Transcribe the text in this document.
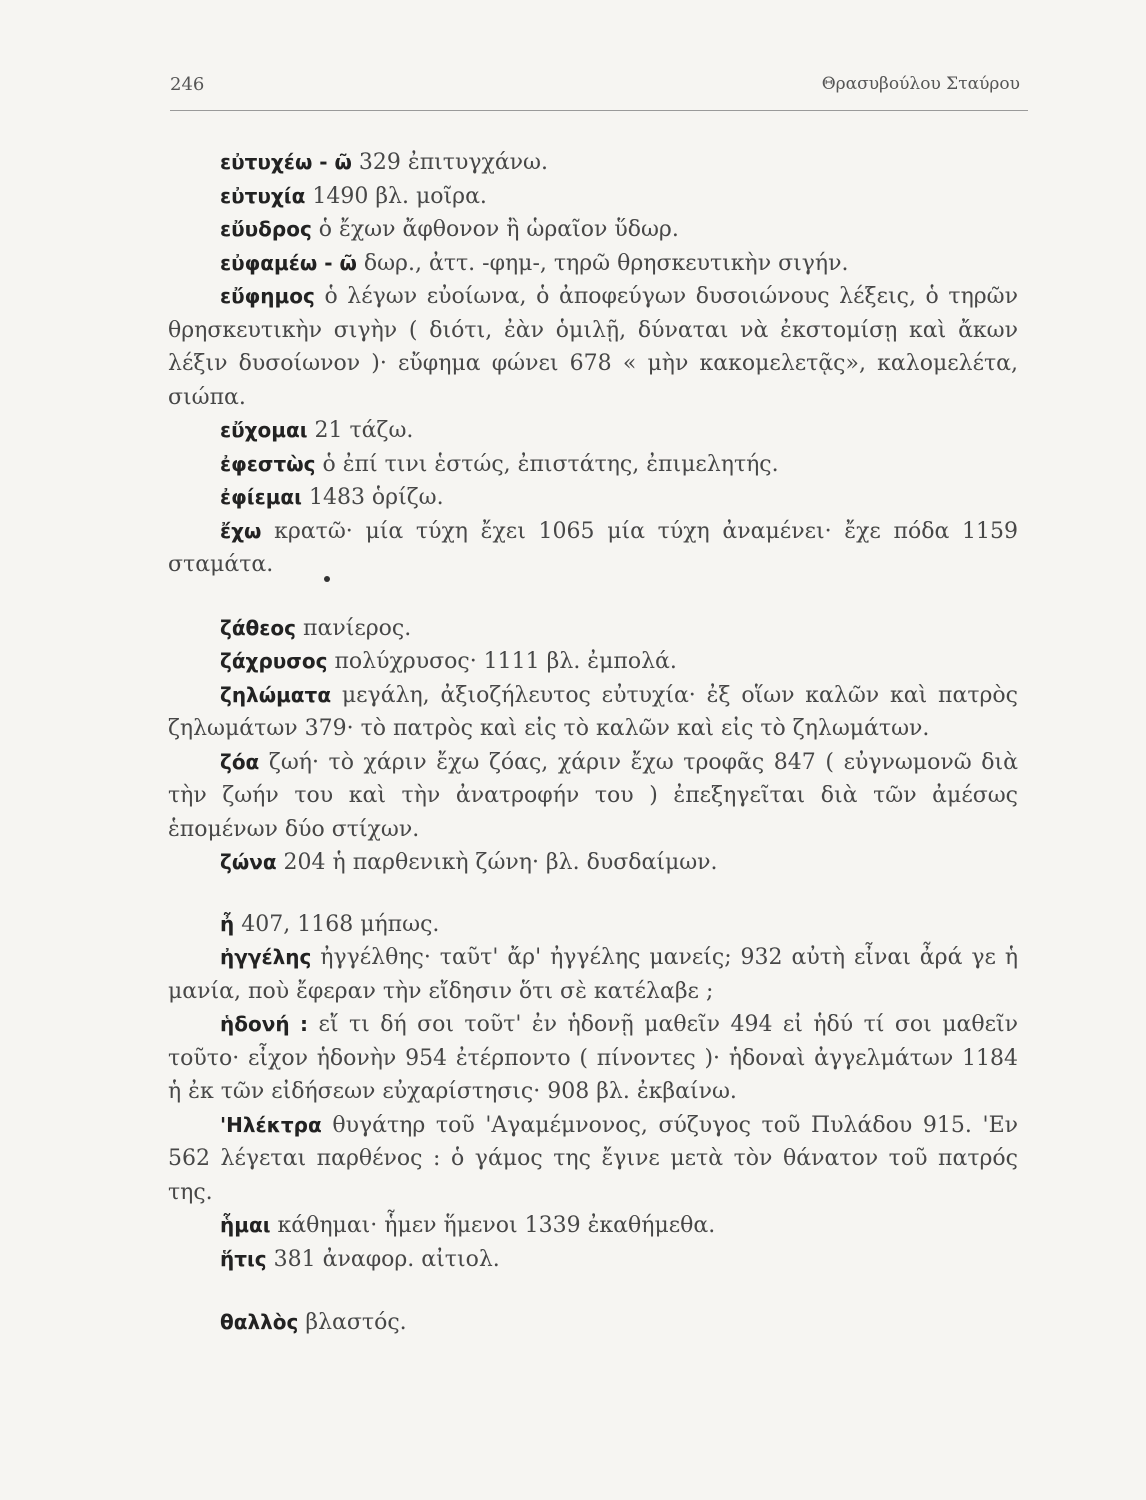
246	Θρασυβούλου Σταύρου

εὐτυχέω - ῶ 329 ἐπιτυγχάνω.

εὐτυχία 1490 βλ. μοῖρα.

εὔυδρος ὁ ἔχων ἄφθονον ἢ ὡραῖον ὕδωρ.

εὐφαμέω - ῶ δωρ., ἀττ. -φημ-, τηρῶ θρησκευτικὴν σιγήν.

εὔφημος ὁ λέγων εὐοίωνα, ὁ ἀποφεύγων δυσοιώνους λέξεις, ὁ τηρῶν θρησκευτικὴν σιγὴν ( διότι, ἐὰν ὁμιλῇ, δύναται νὰ ἐκστομίσῃ καὶ ἄκων λέξιν δυσοίωνον )· εὔφημα φώνει 678 « μὴν κακομελετᾷς», καλομελέτα, σιώπα.

εὔχομαι 21 τάζω.

ἐφεστὼς ὁ ἐπί τινι ἑστώς, ἐπιστάτης, ἐπιμελητής.

ἐφίεμαι 1483 ὁρίζω.

ἔχω κρατῶ· μία τύχη ἔχει 1065 μία τύχη ἀναμένει· ἔχε πόδα 1159 σταμάτα.

ζάθεος πανίερος.

ζάχρυσος πολύχρυσος· 1111 βλ. ἐμπολά.

ζηλώματα μεγάλη, ἀξιοζήλευτος εὐτυχία· ἐξ οἵων καλῶν καὶ πατρὸς ζηλωμάτων 379· τὸ πατρὸς καὶ εἰς τὸ καλῶν καὶ εἰς τὸ ζηλωμάτων.

ζόα ζωή· τὸ χάριν ἔχω ζόας, χάριν ἔχω τροφᾶς 847 ( εὐγνωμονῶ διὰ τὴν ζωήν του καὶ τὴν ἀνατροφήν του ) ἐπεξηγεῖται διὰ τῶν ἀμέσως ἑπομένων δύο στίχων.

ζώνα 204 ἡ παρθενικὴ ζώνη· βλ. δυσδαίμων.

ἦ 407, 1168 μήπως.

ἠγγέλης ἠγγέλθης· ταῦτ' ἄρ' ἠγγέλης μανείς; 932 αὐτὴ εἶναι ἆρά γε ἡ μανία, ποὺ ἔφεραν τὴν εἴδησιν ὅτι σὲ κατέλαβε ;

ἡδονή : εἴ τι δή σοι τοῦτ' ἐν ἡδονῇ μαθεῖν 494 εἰ ἡδύ τί σοι μαθεῖν τοῦτο· εἶχον ἡδονὴν 954 ἐτέρποντο ( πίνοντες )· ἡδοναὶ ἀγγελμάτων 1184 ἡ ἐκ τῶν εἰδήσεων εὐχαρίστησις· 908 βλ. ἐκβαίνω.

'Ηλέκτρα θυγάτηρ τοῦ 'Αγαμέμνονος, σύζυγος τοῦ Πυλάδου 915. 'Εν 562 λέγεται παρθένος : ὁ γάμος της ἔγινε μετὰ τὸν θάνατον τοῦ πατρός της.

ἧμαι κάθημαι· ἧμεν ἥμενοι 1339 ἐκαθήμεθα.

ἥτις 381 ἀναφορ. αἰτιολ.

θαλλὸς βλαστός.
